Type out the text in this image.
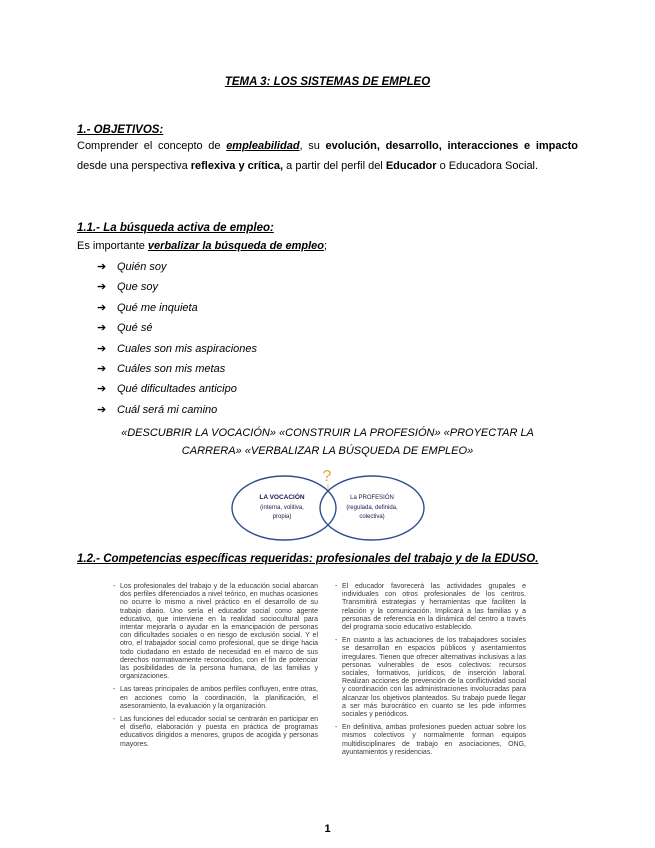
TEMA 3: LOS SISTEMAS DE EMPLEO
1.- OBJETIVOS:
Comprender el concepto de empleabilidad, su evolución, desarrollo, interacciones e impacto desde una perspectiva reflexiva y crítica, a partir del perfil del Educador o Educadora Social.
1.1.- La búsqueda activa de empleo:
Es importante verbalizar la búsqueda de empleo;
➔ Quién soy
➔ Que soy
➔ Qué me inquieta
➔ Qué sé
➔ Cuales son mis aspiraciones
➔ Cuáles son mis metas
➔ Qué dificultades anticipo
➔ Cuál será mi camino
«DESCUBRIR LA VOCACIÓN» «CONSTRUIR LA PROFESIÓN» «PROYECTAR LA
CARRERA» «VERBALIZAR LA BÚSQUEDA DE EMPLEO»
?
LA VOCACIÓN
(interna, volitiva,
propia)
La PROFESIÓN
(regulada, definida,
colectiva)
1.2.- Competencias específicas requeridas: profesionales del trabajo y de la EDUSO.
- Los profesionales del trabajo y de la educación social abarcan dos perfiles diferenciados a nivel teórico, en muchas ocasiones no ocurre lo mismo a nivel práctico en el desarrollo de su trabajo diario. Uno sería el educador social como agente educativo, que interviene en la realidad sociocultural para intentar mejorarla o ayudar en la emancipación de personas con dificultades sociales o en riesgo de exclusión social. Y el otro, el trabajador social como profesional, que se dirige hacia todo ciudadano en estado de necesidad en el marco de sus derechos normativamente reconocidos, con el fin de potenciar las posibilidades de la persona humana, de las familias y organizaciones.
- Las tareas principales de ambos perfiles confluyen, entre otras, en acciones como la coordinación, la planificación, el asesoramiento, la evaluación y la organización.
- Las funciones del educador social se centrarán en participar en el diseño, elaboración y puesta en práctica de programas educativos dirigidos a menores, grupos de acogida y personas mayores.
- El educador favorecerá las actividades grupales e individuales con otros profesionales de los centros. Transmitirá estrategias y herramientas que faciliten la relación y la comunicación. Implicará a las familias y a personas de referencia en la dinámica del centro a través del programa socio educativo establecido.
- En cuanto a las actuaciones de los trabajadores sociales se desarrollan en espacios públicos y asentamientos irregulares. Tienen que ofrecer alternativas inclusivas a las personas vulnerables de esos colectivos: recursos sociales, formativos, jurídicos, de inserción laboral. Realizan acciones de prevención de la conflictividad social y coordinación con las administraciones involucradas para alcanzar los objetivos planteados. Su trabajo puede llegar a ser más burocrático en cuanto se les pide informes sociales y periódicos.
- En definitiva, ambas profesiones pueden actuar sobre los mismos colectivos y normalmente forman equipos multidisciplinares de trabajo en asociaciones, ONG, ayuntamientos y residencias.
1
